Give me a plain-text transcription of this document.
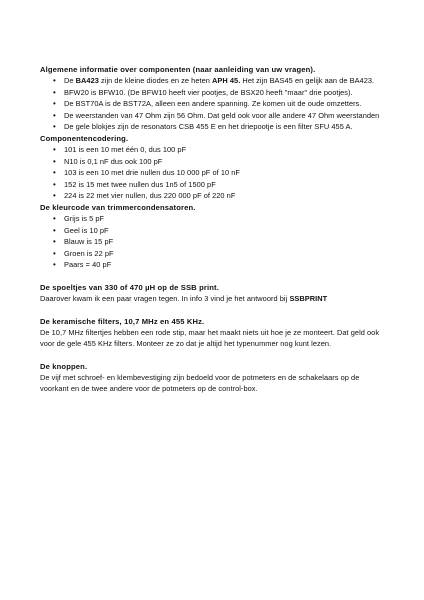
Algemene informatie over componenten (naar aanleiding van uw vragen).

• De BA423 zijn de kleine diodes en ze heten APH 45. Het zijn BAS45 en gelijk aan de BA423.
• BFW20 is BFW10. (De BFW10 heeft vier pootjes, de BSX20 heeft "maar" drie pootjes).
• De BST70A is de BST72A, alleen een andere spanning. Ze komen uit de oude omzetters.
• De weerstanden van 47 Ohm zijn 56 Ohm. Dat geld ook voor alle andere 47 Ohm weerstanden
• De gele blokjes zijn de resonators CSB 455 E en het driepootje is een filter SFU 455 A.

Componentencodering.

• 101 is een 10 met één 0, dus 100 pF
• N10 is 0,1 nF dus ook 100 pF
• 103 is een 10 met drie nullen dus 10 000 pF of 10 nF
• 152 is 15 met twee nullen dus 1n5 of 1500 pF
• 224 is 22 met vier nullen, dus 220 000 pF of 220 nF

De kleurcode van trimmercondensatoren.

• Grijs is 5 pF
• Geel is 10 pF
• Blauw is 15 pF
• Groen is 22 pF
• Paars = 40 pF

De spoeltjes van 330 of 470 µH op de SSB print.

Daarover kwam ik een paar vragen tegen. In info 3 vind je het antwoord bij SSBPRINT

De keramische filters, 10,7 MHz en 455 KHz.

De 10,7 MHz filtertjes hebben een rode stip, maar het maakt niets uit hoe je ze monteert. Dat geld ook voor de gele 455 KHz filters. Monteer ze zo dat je altijd het typenummer nog kunt lezen.

De knoppen.

De vijf met schroef- en klembevestiging zijn bedoeld voor de potmeters en de schakelaars op de voorkant en de twee andere voor de potmeters op de control-box.
